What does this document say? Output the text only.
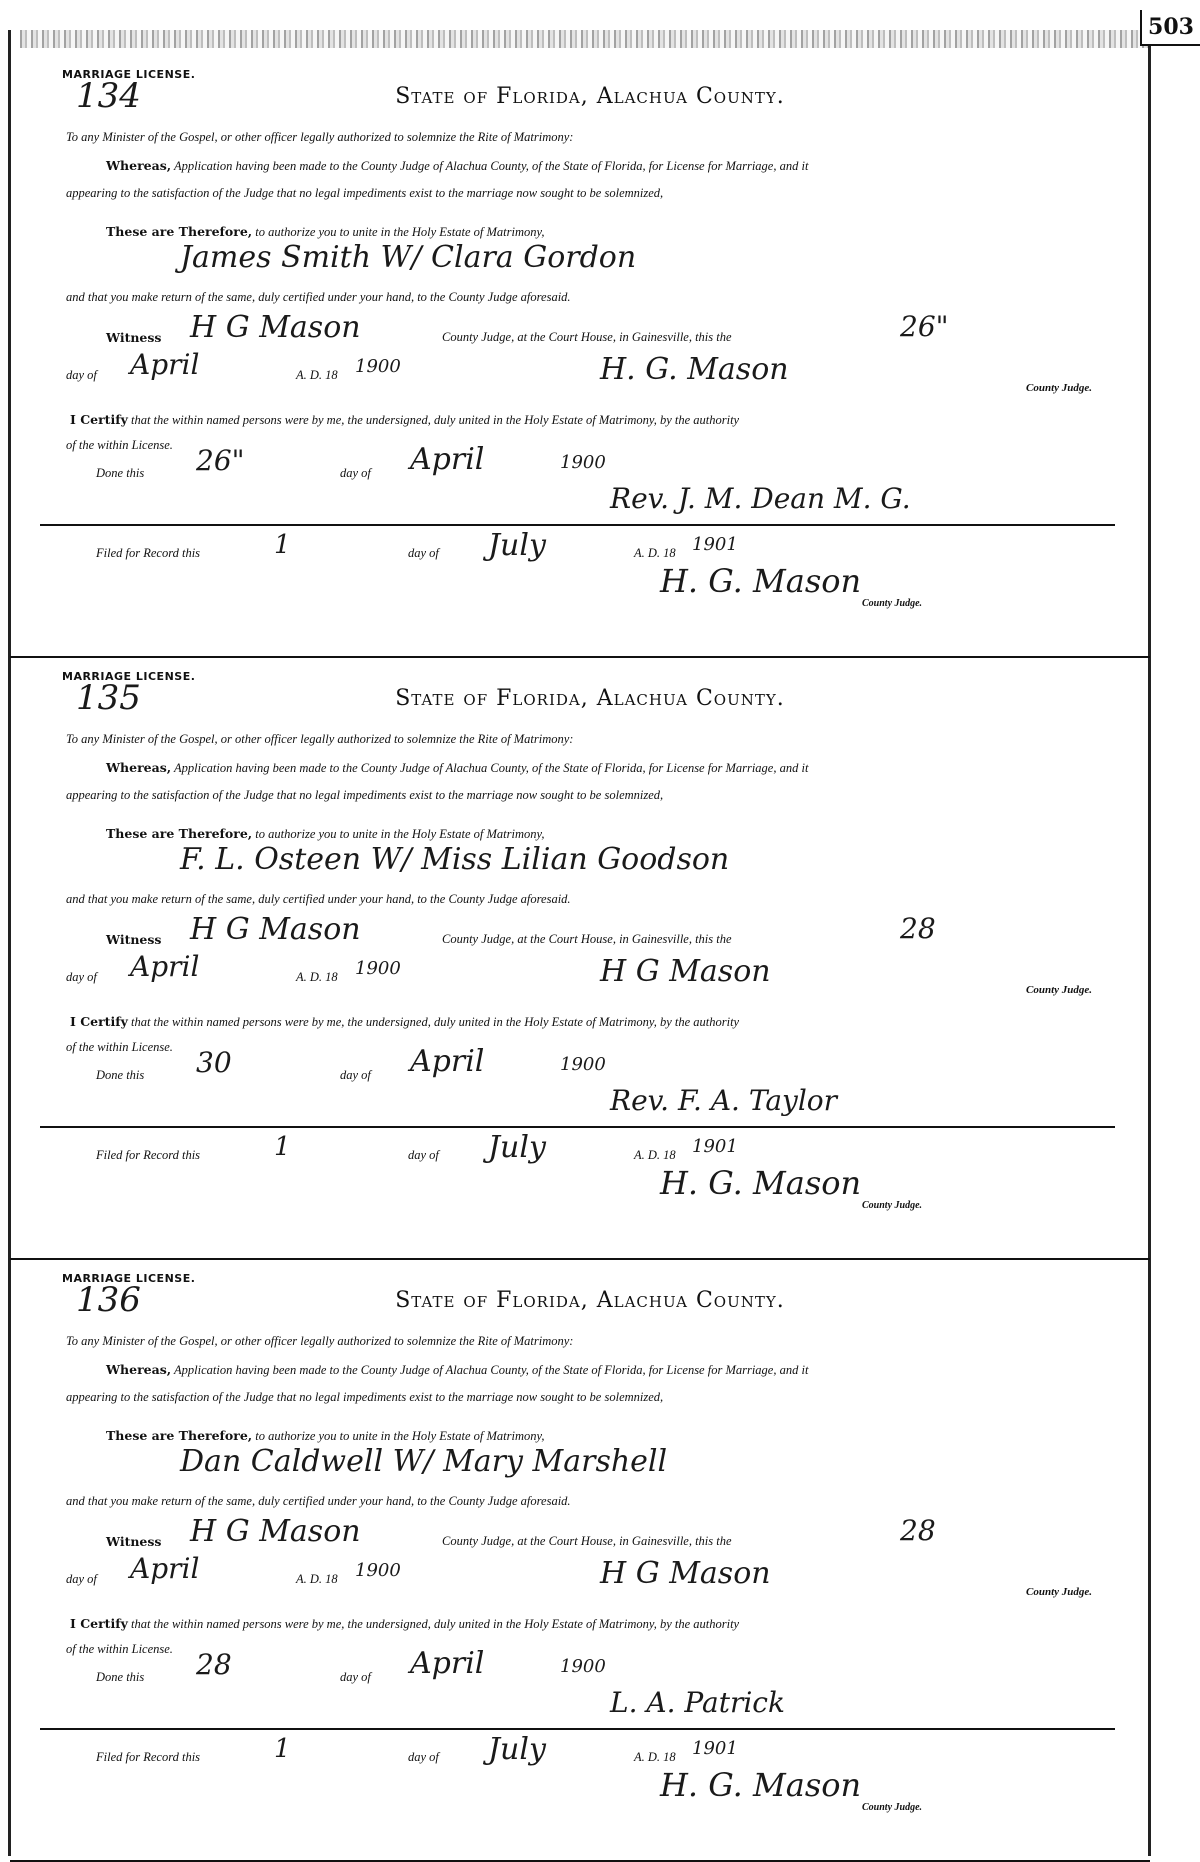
503
MARRIAGE LICENSE.
134	State of Florida, Alachua County.
To any Minister of the Gospel, or other officer legally authorized to solemnize the Rite of Matrimony:
Whereas, Application having been made to the County Judge of Alachua County, of the State of Florida, for License for Marriage, and it
appearing to the satisfaction of the Judge that no legal impediments exist to the marriage now sought to be solemnized,
These are Therefore, to authorize you to unite in the Holy Estate of Matrimony,
James Smith W/ Clara Gordon
and that you make return of the same, duly certified under your hand, to the County Judge aforesaid.
Witness H G Mason	County Judge, at the Court House, in Gainesville, this the	26"
day of April	A. D. 18 1900	H. G. Mason
County Judge.
I Certify that the within named persons were by me, the undersigned, duly united in the Holy Estate of Matrimony, by the authority
of the within License.
Done this 26"	day of April	1900
Rev. J. M. Dean M. G.
Filed for Record this	1	day of July	A. D. 18 1901
H. G. Mason
County Judge.
MARRIAGE LICENSE.
135	State of Florida, Alachua County.
To any Minister of the Gospel, or other officer legally authorized to solemnize the Rite of Matrimony:
Whereas, Application having been made to the County Judge of Alachua County, of the State of Florida, for License for Marriage, and it
appearing to the satisfaction of the Judge that no legal impediments exist to the marriage now sought to be solemnized,
These are Therefore, to authorize you to unite in the Holy Estate of Matrimony,
F. L. Osteen W/ Miss Lilian Goodson
and that you make return of the same, duly certified under your hand, to the County Judge aforesaid.
Witness H G Mason	County Judge, at the Court House, in Gainesville, this the	28
day of April	A. D. 18 1900	H G Mason
County Judge.
I Certify that the within named persons were by me, the undersigned, duly united in the Holy Estate of Matrimony, by the authority
of the within License.
Done this 30	day of April	1900
Rev. F. A. Taylor
Filed for Record this	1	day of July	A. D. 18 1901
H. G. Mason
County Judge.
MARRIAGE LICENSE.
136	State of Florida, Alachua County.
To any Minister of the Gospel, or other officer legally authorized to solemnize the Rite of Matrimony:
Whereas, Application having been made to the County Judge of Alachua County, of the State of Florida, for License for Marriage, and it
appearing to the satisfaction of the Judge that no legal impediments exist to the marriage now sought to be solemnized,
These are Therefore, to authorize you to unite in the Holy Estate of Matrimony,
Dan Caldwell W/ Mary Marshell
and that you make return of the same, duly certified under your hand, to the County Judge aforesaid.
Witness H G Mason	County Judge, at the Court House, in Gainesville, this the	28
day of April	A. D. 18 1900	H G Mason
County Judge.
I Certify that the within named persons were by me, the undersigned, duly united in the Holy Estate of Matrimony, by the authority
of the within License.
Done this 28	day of April	1900
L. A. Patrick
Filed for Record this	1	day of July	A. D. 18 1901
H. G. Mason
County Judge.
